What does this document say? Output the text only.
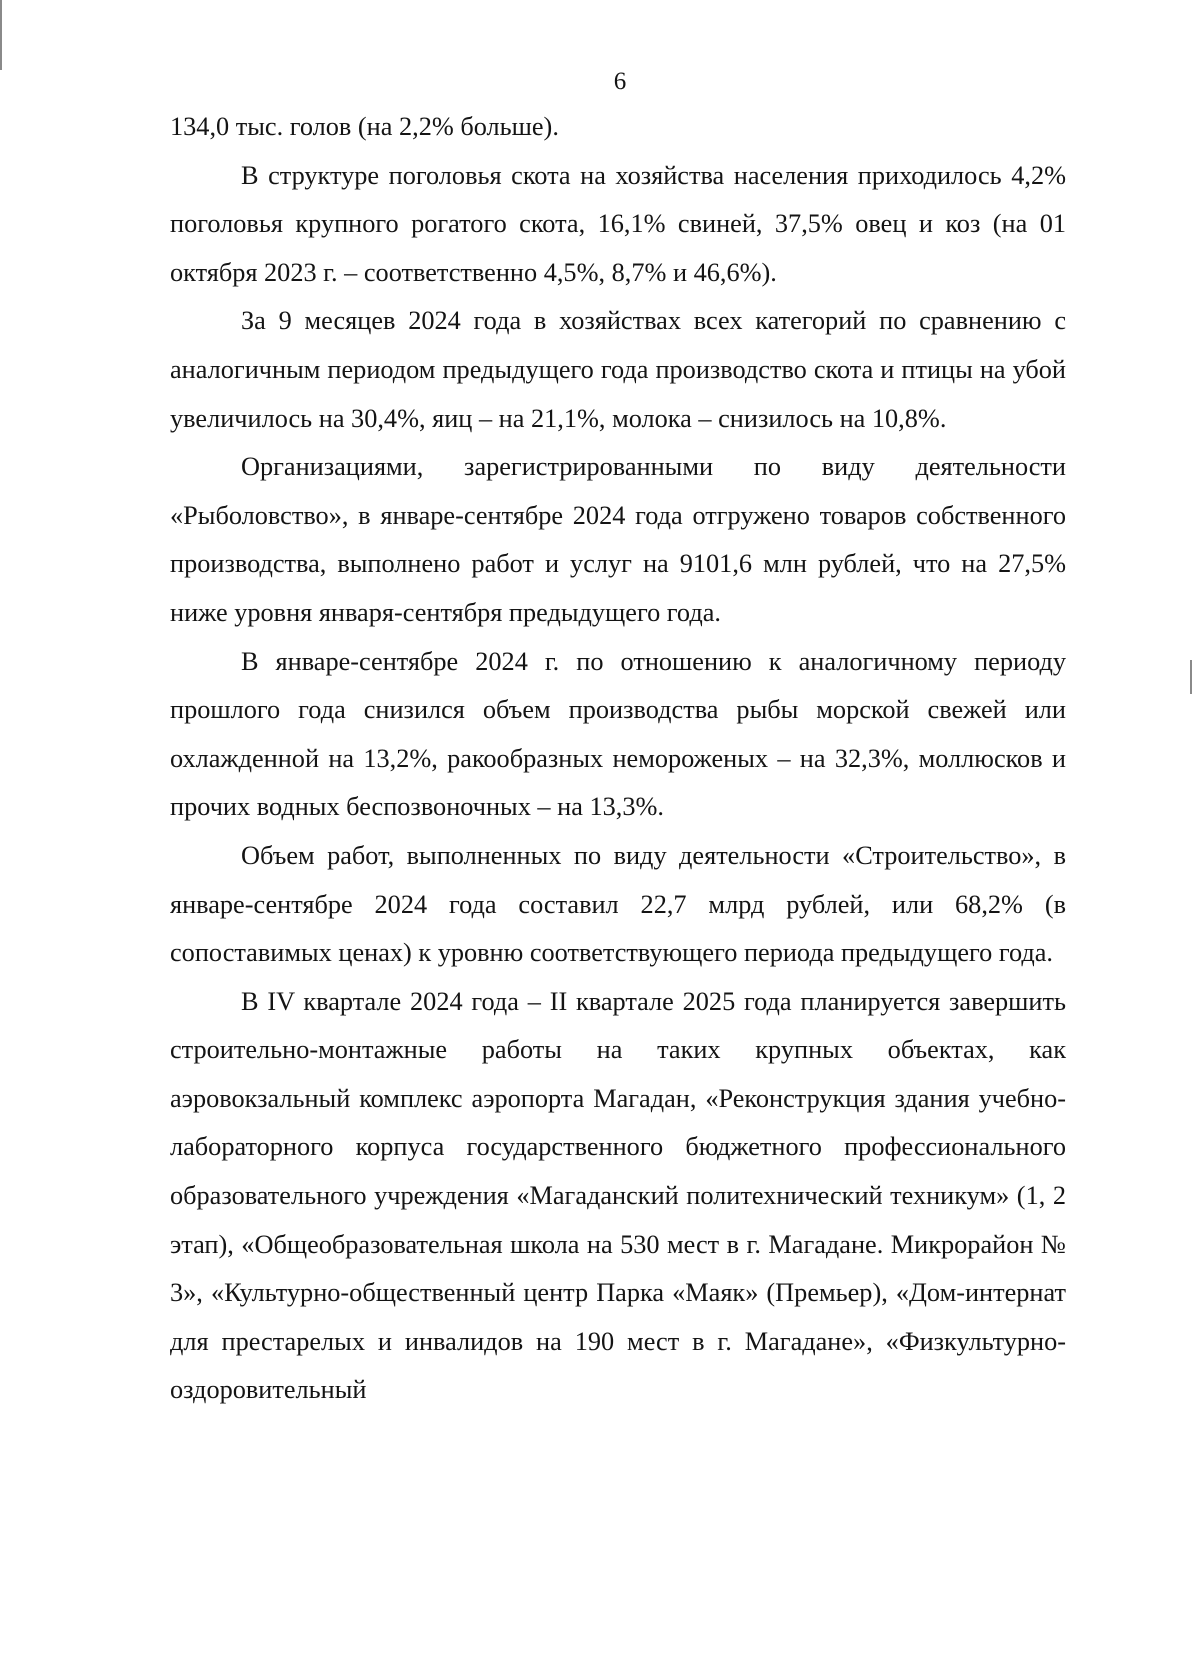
6

134,0 тыс. голов (на 2,2% больше).

В структуре поголовья скота на хозяйства населения приходилось 4,2% поголовья крупного рогатого скота, 16,1% свиней, 37,5% овец и коз (на 01 октября 2023 г. – соответственно 4,5%, 8,7% и 46,6%).

За 9 месяцев 2024 года в хозяйствах всех категорий по сравнению с аналогичным периодом предыдущего года производство скота и птицы на убой увеличилось на 30,4%, яиц – на 21,1%, молока – снизилось на 10,8%.

Организациями, зарегистрированными по виду деятельности «Рыболовство», в январе-сентябре 2024 года отгружено товаров собственного производства, выполнено работ и услуг на 9101,6 млн рублей, что на 27,5% ниже уровня января-сентября предыдущего года.

В январе-сентябре 2024 г. по отношению к аналогичному периоду прошлого года снизился объем производства рыбы морской свежей или охлажденной на 13,2%, ракообразных немороженых – на 32,3%, моллюсков и прочих водных беспозвоночных – на 13,3%.

Объем работ, выполненных по виду деятельности «Строительство», в январе-сентябре 2024 года составил 22,7 млрд рублей, или 68,2% (в сопоставимых ценах) к уровню соответствующего периода предыдущего года.

В IV квартале 2024 года – II квартале 2025 года планируется завершить строительно-монтажные работы на таких крупных объектах, как аэровокзальный комплекс аэропорта Магадан, «Реконструкция здания учебно-лабораторного корпуса государственного бюджетного профессионального образовательного учреждения «Магаданский политехнический техникум» (1, 2 этап), «Общеобразовательная школа на 530 мест в г. Магадане. Микрорайон № 3», «Культурно-общественный центр Парка «Маяк» (Премьер), «Дом-интернат для престарелых и инвалидов на 190 мест в г. Магадане», «Физкультурно-оздоровительный
